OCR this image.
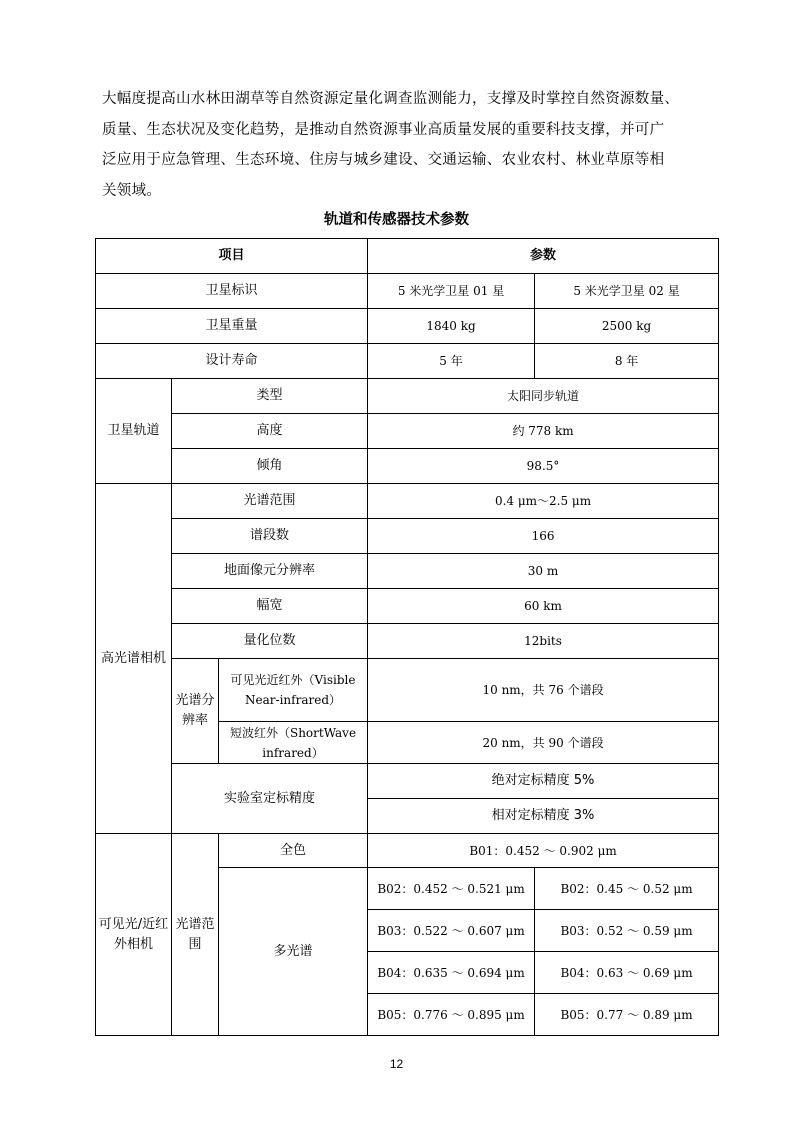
大幅度提高山水林田湖草等自然资源定量化调查监测能力，支撑及时掌控自然资源数量、
质量、生态状况及变化趋势，是推动自然资源事业高质量发展的重要科技支撑，并可广
泛应用于应急管理、生态环境、住房与城乡建设、交通运输、农业农村、林业草原等相
关领域。
轨道和传感器技术参数
项目			参数	
卫星标识			5 米光学卫星 01 星	5 米光学卫星 02 星
卫星重量			1840 kg	2500 kg
设计寿命			5 年	8 年
卫星轨道	类型		太阳同步轨道	
	高度		约 778 km	
	倾角		98.5°	
高光谱相机	光谱范围		0.4 μm～2.5 μm	
	谱段数		166	
	地面像元分辨率		30 m	
	幅宽		60 km	
	量化位数		12bits	
	光谱分辨率	可见光近红外（Visible Near-infrared）	10 nm，共 76 个谱段	
		短波红外（ShortWave infrared）	20 nm，共 90 个谱段	
	实验室定标精度		绝对定标精度 5%	
			相对定标精度 3%	
可见光/近红外相机	光谱范围	全色	B01：0.452 ～ 0.902 μm	
		多光谱	B02：0.452 ～ 0.521 μm	B02：0.45 ～ 0.52 μm
			B03：0.522 ～ 0.607 μm	B03：0.52 ～ 0.59 μm
			B04：0.635 ～ 0.694 μm	B04：0.63 ～ 0.69 μm
			B05：0.776 ～ 0.895 μm	B05：0.77 ～ 0.89 μm
12
